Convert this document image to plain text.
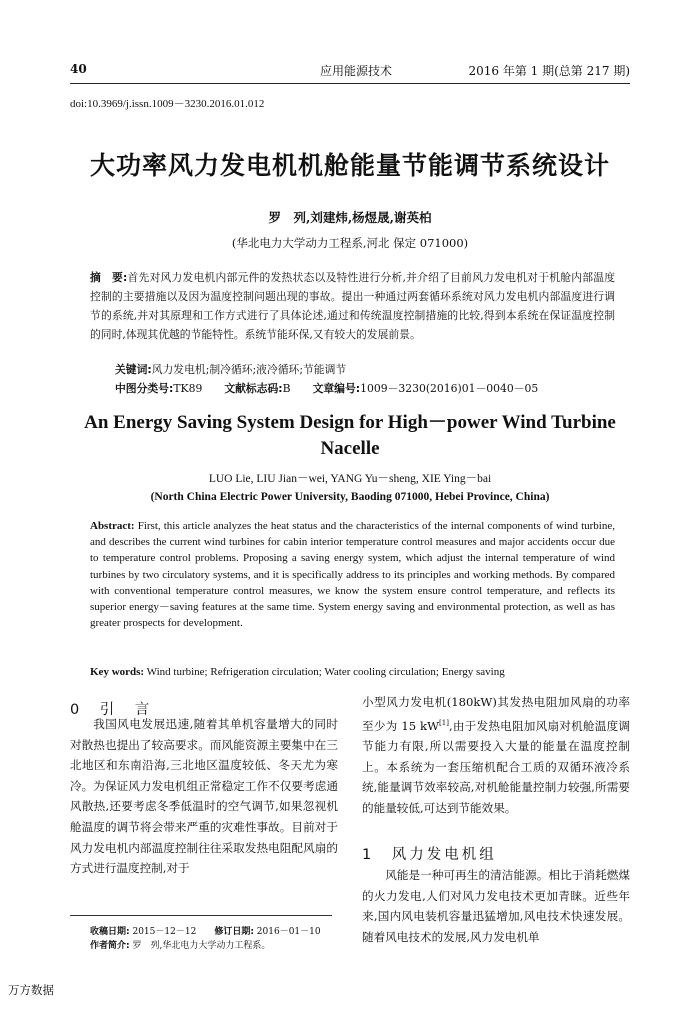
40	应用能源技术	2016 年第 1 期(总第 217 期)
doi:10.3969/j.issn.1009－3230.2016.01.012
大功率风力发电机机舱能量节能调节系统设计
罗　列,刘建炜,杨煜晟,谢英柏
(华北电力大学动力工程系,河北 保定 071000)
摘　要:首先对风力发电机内部元件的发热状态以及特性进行分析,并介绍了目前风力发电机对于机舱内部温度控制的主要措施以及因为温度控制问题出现的事故。提出一种通过两套循环系统对风力发电机内部温度进行调节的系统,并对其原理和工作方式进行了具体论述,通过和传统温度控制措施的比较,得到本系统在保证温度控制的同时,体现其优越的节能特性。系统节能环保,又有较大的发展前景。
关键词:风力发电机;制冷循环;液冷循环;节能调节
中图分类号:TK89 文献标志码:B 文章编号:1009－3230(2016)01－0040－05
An Energy Saving System Design for High－power Wind Turbine Nacelle
LUO Lie, LIU Jian－wei, YANG Yu－sheng, XIE Ying－bai
(North China Electric Power University, Baoding 071000, Hebei Province, China)
Abstract: First, this article analyzes the heat status and the characteristics of the internal components of wind turbine, and describes the current wind turbines for cabin interior temperature control measures and major accidents occur due to temperature control problems. Proposing a saving energy system, which adjust the internal temperature of wind turbines by two circulatory systems, and it is specifically address to its principles and working methods. By compared with conventional temperature control measures, we know the system ensure control temperature, and reflects its superior energy－saving features at the same time. System energy saving and environmental protection, as well as has greater prospects for development.
Key words: Wind turbine; Refrigeration circulation; Water cooling circulation; Energy saving
0　引　言

我国风电发展迅速,随着其单机容量增大的同时对散热也提出了较高要求。而风能资源主要集中在三北地区和东南沿海,三北地区温度较低、冬天尤为寒冷。为保证风力发电机组正常稳定工作不仅要考虑通风散热,还要考虑冬季低温时的空气调节,如果忽视机舱温度的调节将会带来严重的灾难性事故。目前对于风力发电机内部温度控制往往采取发热电阻配风扇的方式进行温度控制,对于

小型风力发电机(180kW)其发热电阻加风扇的功率至少为 15 kW[1],由于发热电阻加风扇对机舱温度调节能力有限,所以需要投入大量的能量在温度控制上。本系统为一套压缩机配合工质的双循环液冷系统,能量调节效率较高,对机舱能量控制力较强,所需要的能量较低,可达到节能效果。

1　风力发电机组

风能是一种可再生的清洁能源。相比于消耗燃煤的火力发电,人们对风力发电技术更加青睐。近些年来,国内风电装机容量迅猛增加,风电技术快速发展。随着风电技术的发展,风力发电机单

收稿日期: 2015－12－12　　 修订日期: 2016－01－10
作者简介: 罗　列,华北电力大学动力工程系。
万方数据
